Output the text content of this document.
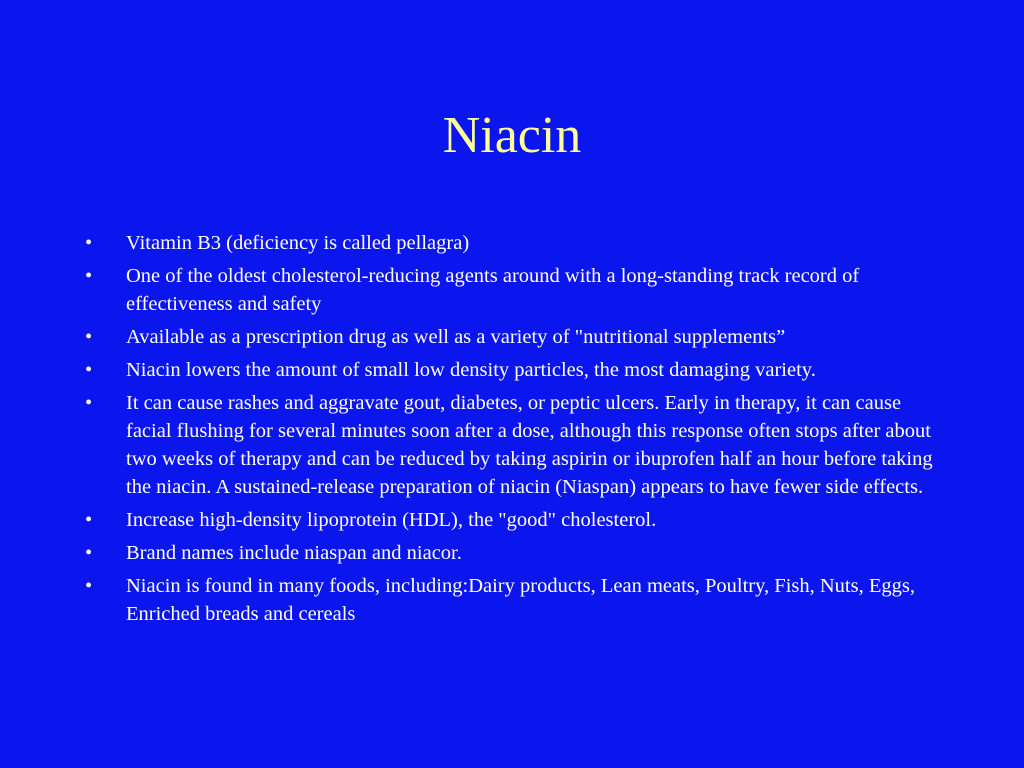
Niacin
•	Vitamin B3 (deficiency is called pellagra)
•	One of the oldest cholesterol-reducing agents around with a long-standing track record of effectiveness and safety
•	Available as a prescription drug as well as a variety of "nutritional supplements”
•	Niacin lowers the amount of small low density particles, the most damaging variety.
•	It can cause rashes and aggravate gout, diabetes, or peptic ulcers. Early in therapy, it can cause facial flushing for several minutes soon after a dose, although this response often stops after about two weeks of therapy and can be reduced by taking aspirin or ibuprofen half an hour before taking the niacin. A sustained-release preparation of niacin (Niaspan) appears to have fewer side effects.
•	Increase high-density lipoprotein (HDL), the "good" cholesterol.
•	Brand names include niaspan and niacor.
•	Niacin is found in many foods, including:Dairy products, Lean meats, Poultry, Fish, Nuts, Eggs, Enriched breads and cereals
